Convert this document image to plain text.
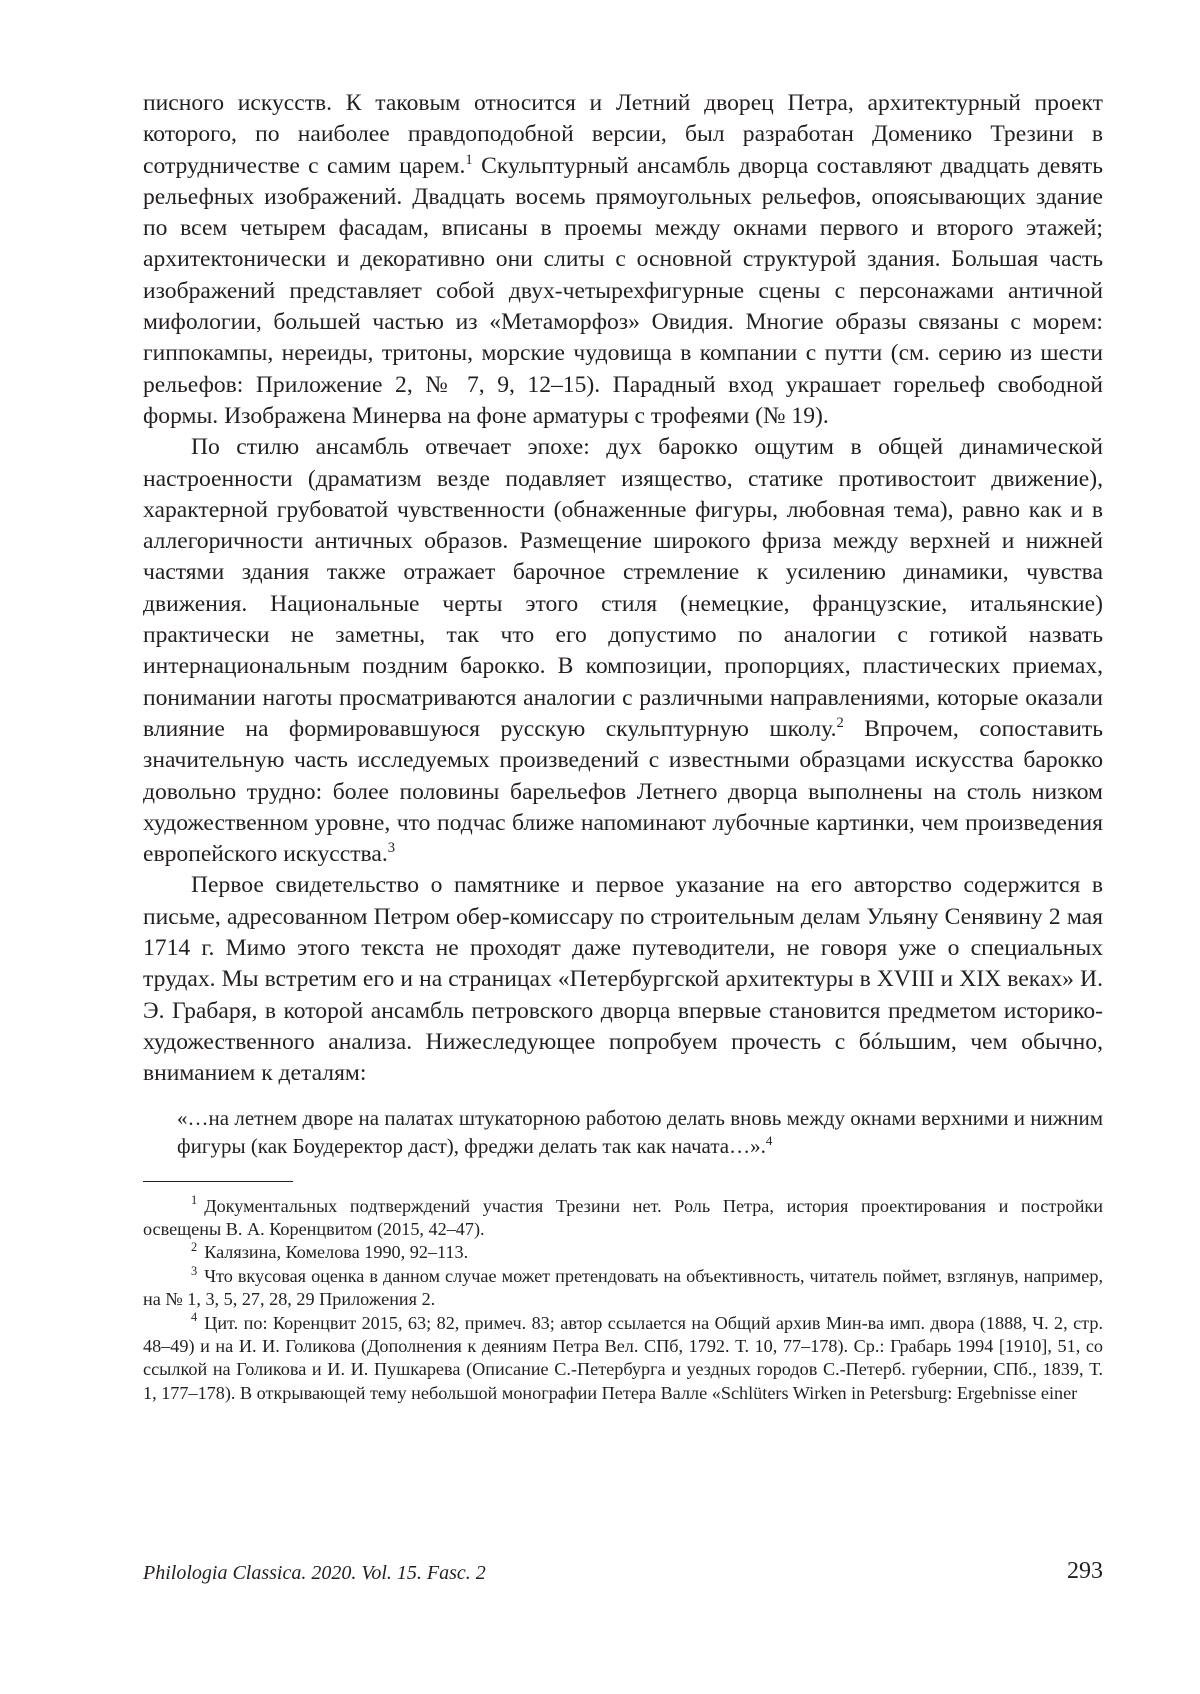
писного искусств. К таковым относится и Летний дворец Петра, архитектурный проект которого, по наиболее правдоподобной версии, был разработан Доменико Трезини в сотрудничестве с самим царем.$^1$ Скульптурный ансамбль дворца составляют двадцать девять рельефных изображений. Двадцать восемь прямоугольных рельефов, опоясывающих здание по всем четырем фасадам, вписаны в проемы между окнами первого и второго этажей; архитектонически и декоративно они слиты с основной структурой здания. Большая часть изображений представляет собой двух-четырехфигурные сцены с персонажами античной мифологии, большей частью из «Метаморфоз» Овидия. Многие образы связаны с морем: гиппокампы, нереиды, тритоны, морские чудовища в компании с путти (см. серию из шести рельефов: Приложение 2, № 7, 9, 12–15). Парадный вход украшает горельеф свободной формы. Изображена Минерва на фоне арматуры с трофеями (№ 19).

По стилю ансамбль отвечает эпохе: дух барокко ощутим в общей динамической настроенности (драматизм везде подавляет изящество, статике противостоит движение), характерной грубоватой чувственности (обнаженные фигуры, любовная тема), равно как и в аллегоричности античных образов. Размещение широкого фриза между верхней и нижней частями здания также отражает барочное стремление к усилению динамики, чувства движения. Национальные черты этого стиля (немецкие, французские, итальянские) практически не заметны, так что его допустимо по аналогии с готикой назвать интернациональным поздним барокко. В композиции, пропорциях, пластических приемах, понимании наготы просматриваются аналогии с различными направлениями, которые оказали влияние на формировавшуюся русскую скульптурную школу.$^2$ Впрочем, сопоставить значительную часть исследуемых произведений с известными образцами искусства барокко довольно трудно: более половины барельефов Летнего дворца выполнены на столь низком художественном уровне, что подчас ближе напоминают лубочные картинки, чем произведения европейского искусства.$^3$

Первое свидетельство о памятнике и первое указание на его авторство содержится в письме, адресованном Петром обер-комиссару по строительным делам Ульяну Сенявину 2 мая 1714 г. Мимо этого текста не проходят даже путеводители, не говоря уже о специальных трудах. Мы встретим его и на страницах «Петербургской архитектуры в XVIII и XIX веках» И. Э. Грабаря, в которой ансамбль петровского дворца впервые становится предметом историко-художественного анализа. Нижеследующее попробуем прочесть с бóльшим, чем обычно, вниманием к деталям:

«…на летнем дворе на палатах штукаторною работою делать вновь между окнами верхними и нижним фигуры (как Боудеректор даст), фреджи делать так как начата…».$^4$

$^1$ Документальных подтверждений участия Трезини нет. Роль Петра, история проектирования и постройки освещены В. А. Коренцвитом (2015, 42–47).

$^2$ Калязина, Комелова 1990, 92–113.

$^3$ Что вкусовая оценка в данном случае может претендовать на объективность, читатель поймет, взглянув, например, на № 1, 3, 5, 27, 28, 29 Приложения 2.

$^4$ Цит. по: Коренцвит 2015, 63; 82, примеч. 83; автор ссылается на Общий архив Мин-ва имп. двора (1888, Ч. 2, стр. 48–49) и на И. И. Голикова (Дополнения к деяниям Петра Вел. СПб, 1792. Т. 10, 77–178). Ср.: Грабарь 1994 [1910], 51, со ссылкой на Голикова и И. И. Пушкарева (Описание С.-Петербурга и уездных городов С.-Петерб. губернии, СПб., 1839, Т. 1, 177–178). В открывающей тему небольшой монографии Петера Валле «Schlüters Wirken in Petersburg: Ergebnisse einer

Philologia Classica. 2020. Vol. 15. Fasc. 2	293
